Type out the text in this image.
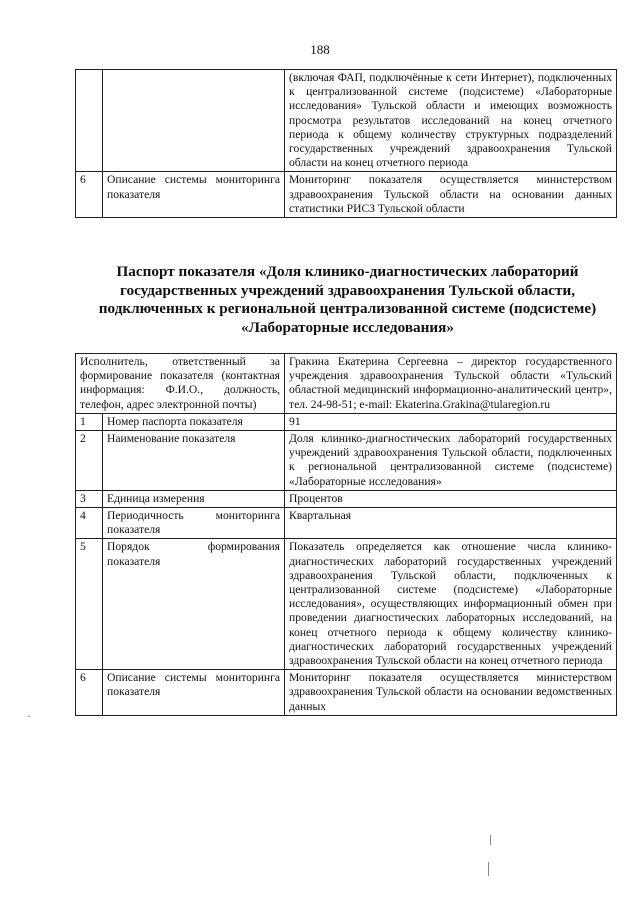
188
		(включая ФАП, подключённые к сети Интернет), подключенных к централизованной системе (подсистеме) «Лабораторные исследования» Тульской области и имеющих возможность просмотра результатов исследований на конец отчетного периода к общему количеству структурных подразделений государственных учреждений здравоохранения Тульской области на конец отчетного периода
6	Описание системы мониторинга показателя	Мониторинг показателя осуществляется министерством здравоохранения Тульской области на основании данных статистики РИСЗ Тульской области
Паспорт показателя «Доля клинико-диагностических лабораторий государственных учреждений здравоохранения Тульской области, подключенных к региональной централизованной системе (подсистеме) «Лабораторные исследования»
Исполнитель, ответственный за формирование показателя (контактная информация: Ф.И.О., должность, телефон, адрес электронной почты)		Гракина Екатерина Сергеевна – директор государственного учреждения здравоохранения Тульской области «Тульский областной медицинский информационно-аналитический центр», тел. 24-98-51; e-mail: Ekaterina.Grakina@tularegion.ru
1	Номер паспорта показателя	91
2	Наименование показателя	Доля клинико-диагностических лабораторий государственных учреждений здравоохранения Тульской области, подключенных к региональной централизованной системе (подсистеме) «Лабораторные исследования»
3	Единица измерения	Процентов
4	Периодичность мониторинга показателя	Квартальная
5	Порядок формирования показателя	Показатель определяется как отношение числа клинико-диагностических лабораторий государственных учреждений здравоохранения Тульской области, подключенных к централизованной системе (подсистеме) «Лабораторные исследования», осуществляющих информационный обмен при проведении диагностических лабораторных исследований, на конец отчетного периода к общему количеству клинико-диагностических лабораторий государственных учреждений здравоохранения Тульской области на конец отчетного периода
6	Описание системы мониторинга показателя	Мониторинг показателя осуществляется министерством здравоохранения Тульской области на основании ведомственных данных
